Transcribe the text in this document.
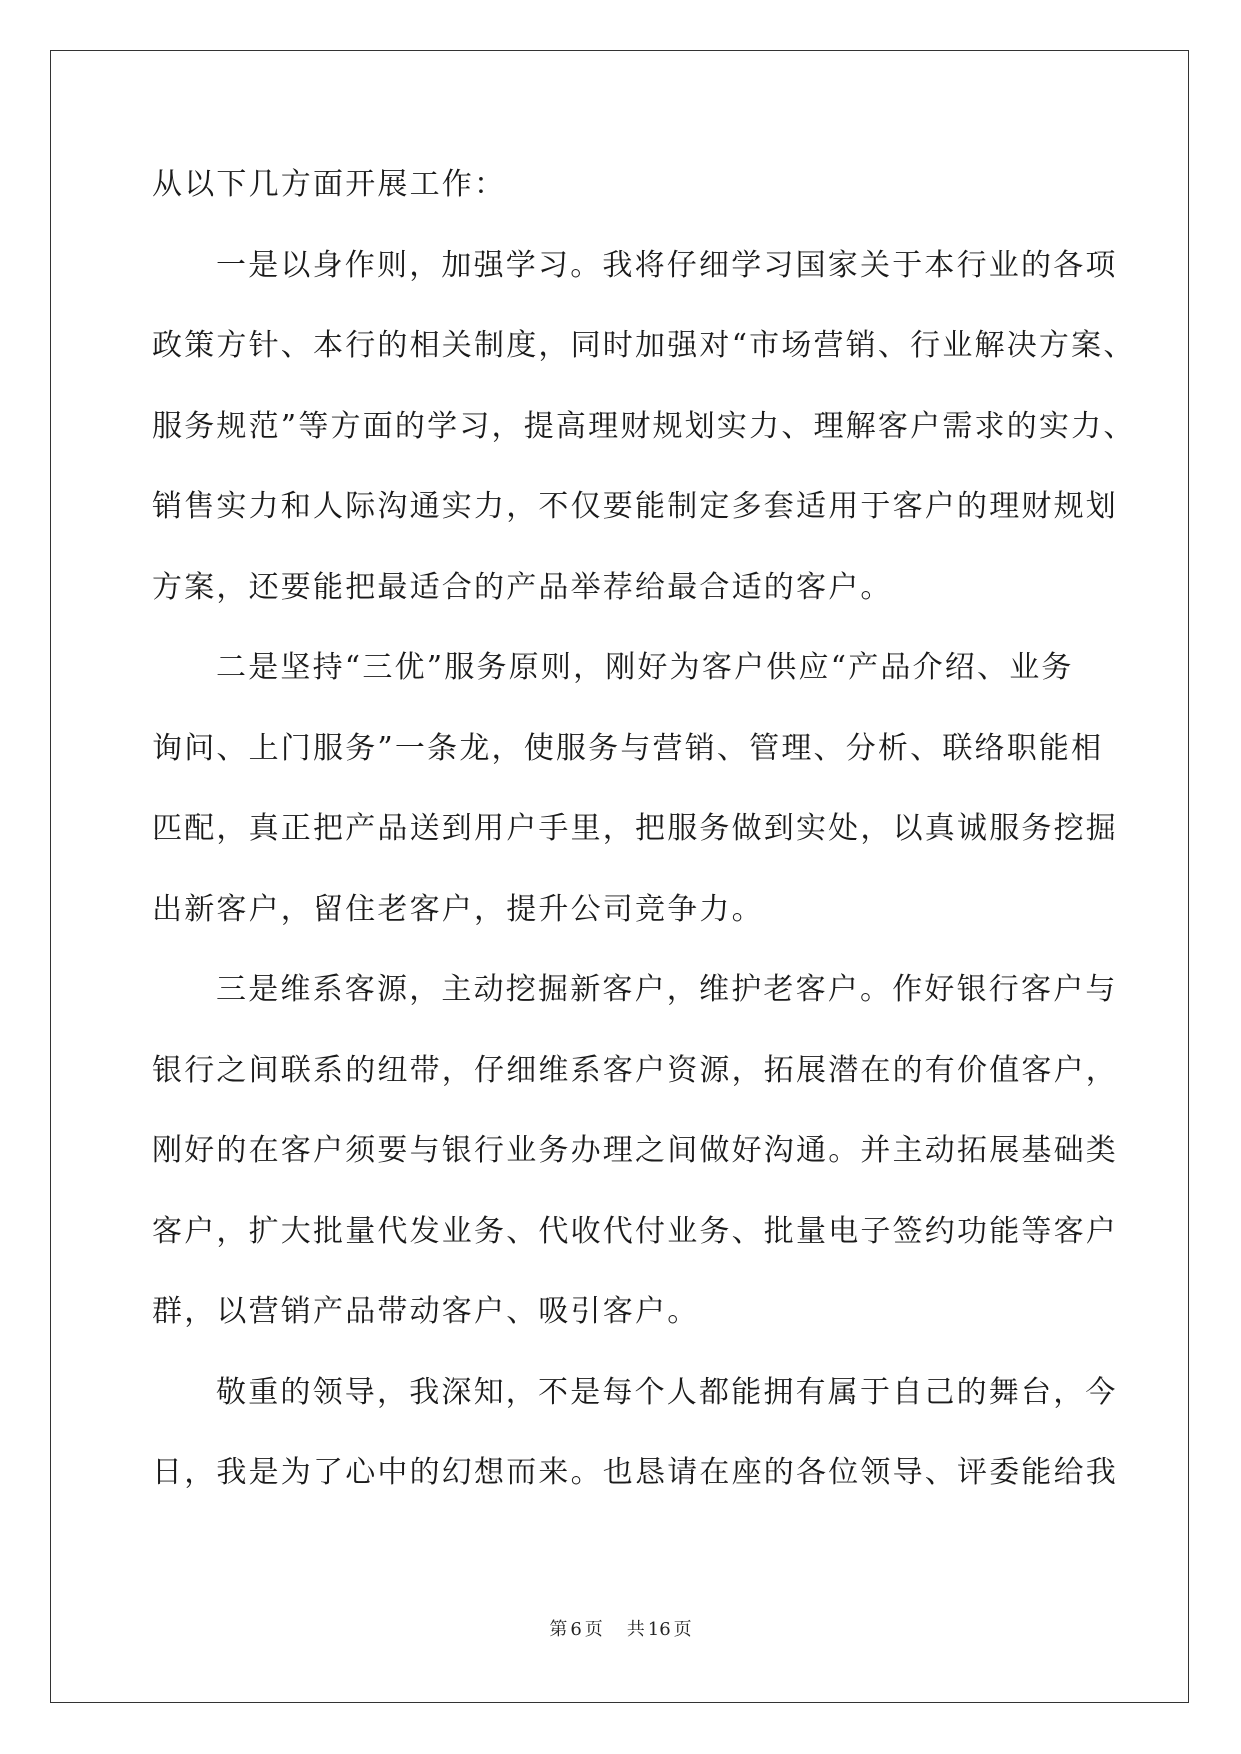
从以下几方面开展工作：
一是以身作则，加强学习。我将仔细学习国家关于本行业的各项
政策方针、本行的相关制度，同时加强对“市场营销、行业解决方案、
服务规范”等方面的学习，提高理财规划实力、理解客户需求的实力、
销售实力和人际沟通实力，不仅要能制定多套适用于客户的理财规划
方案，还要能把最适合的产品举荐给最合适的客户。
二是坚持“三优”服务原则，刚好为客户供应“产品介绍、业务
询问、上门服务”一条龙，使服务与营销、管理、分析、联络职能相
匹配，真正把产品送到用户手里，把服务做到实处，以真诚服务挖掘
出新客户，留住老客户，提升公司竞争力。
三是维系客源，主动挖掘新客户，维护老客户。作好银行客户与
银行之间联系的纽带，仔细维系客户资源，拓展潜在的有价值客户，
刚好的在客户须要与银行业务办理之间做好沟通。并主动拓展基础类
客户，扩大批量代发业务、代收代付业务、批量电子签约功能等客户
群，以营销产品带动客户、吸引客户。
敬重的领导，我深知，不是每个人都能拥有属于自己的舞台，今
日，我是为了心中的幻想而来。也恳请在座的各位领导、评委能给我
第 6 页 共 16 页
